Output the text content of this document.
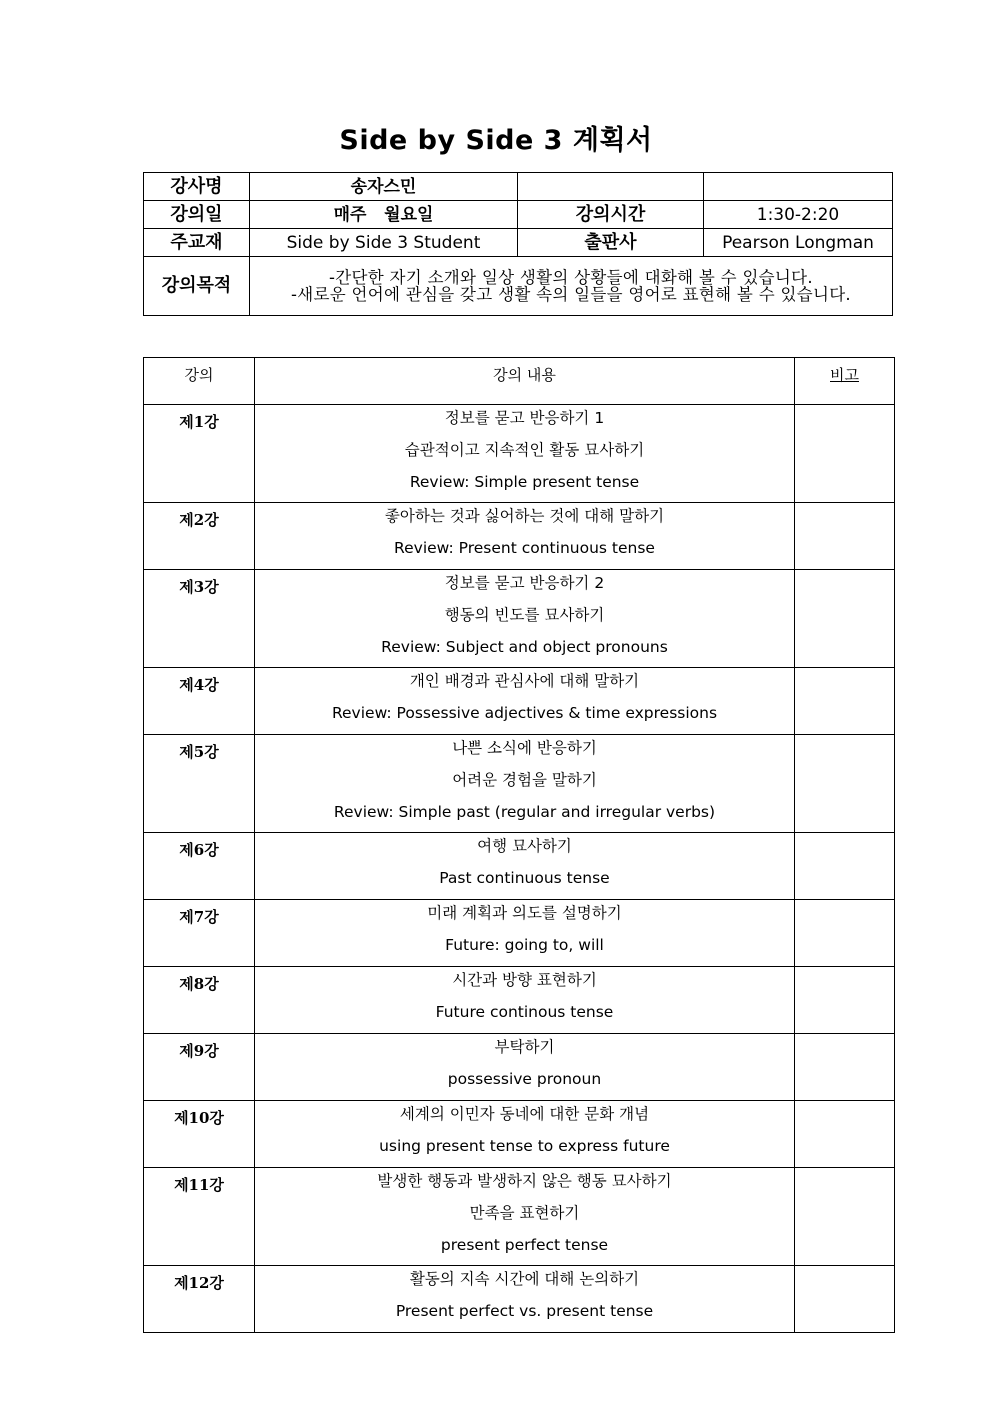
Side by Side 3 계획서
강사명	송자스민		
강의일	매주   월요일	강의시간	1:30-2:20
주교재	Side by Side 3 Student	출판사	Pearson Longman
강의목적	-간단한 자기 소개와 일상 생활의 상황들에 대화해 볼 수 있습니다.
-새로운 언어에 관심을 갖고 생활 속의 일들을 영어로 표현해 볼 수 있습니다.		
강의	강의 내용	비고
제1강	정보를 묻고 반응하기 1
습관적이고 지속적인 활동 묘사하기
Review: Simple present tense	

제2강	좋아하는 것과 싫어하는 것에 대해 말하기
Review: Present continuous tense	

제3강	정보를 묻고 반응하기 2
행동의 빈도를 묘사하기
Review: Subject and object pronouns	

제4강	개인 배경과 관심사에 대해 말하기
Review: Possessive adjectives & time expressions	

제5강	나쁜 소식에 반응하기
어려운 경험을 말하기
Review: Simple past (regular and irregular verbs)	

제6강	여행 묘사하기
Past continuous tense	

제7강	미래 계획과 의도를 설명하기
Future: going to, will	

제8강	시간과 방향 표현하기
Future continous tense	

제9강	부탁하기
possessive pronoun	

제10강	세계의 이민자 동네에 대한 문화 개념
using present tense to express future	

제11강	발생한 행동과 발생하지 않은 행동 묘사하기
만족을 표현하기
present perfect tense	

제12강	활동의 지속 시간에 대해 논의하기
Present perfect vs. present tense	
